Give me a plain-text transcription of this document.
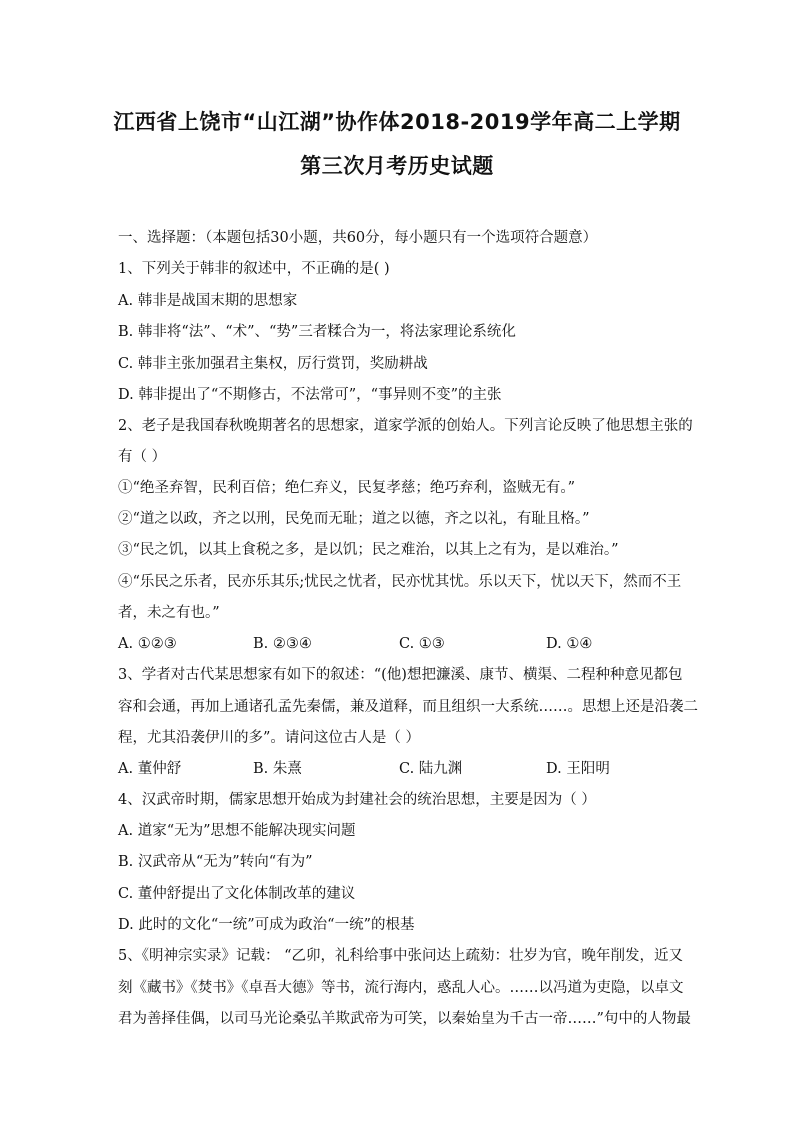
江西省上饶市“山江湖”协作体2018-2019学年高二上学期
第三次月考历史试题
一、选择题：（本题包括30小题，共60分，每小题只有一个选项符合题意）
1、下列关于韩非的叙述中，不正确的是( )
A. 韩非是战国末期的思想家
B. 韩非将“法”、“术”、“势”三者糅合为一，将法家理论系统化
C. 韩非主张加强君主集权，厉行赏罚，奖励耕战
D. 韩非提出了“不期修古，不法常可”，“事异则不变”的主张
2、老子是我国春秋晚期著名的思想家，道家学派的创始人。下列言论反映了他思想主张的
有（ ）
①“绝圣弃智，民利百倍；绝仁弃义，民复孝慈；绝巧弃利，盗贼无有。”
②“道之以政，齐之以刑，民免而无耻；道之以德，齐之以礼，有耻且格。”
③“民之饥，以其上食税之多，是以饥；民之难治，以其上之有为，是以难治。”
④“乐民之乐者，民亦乐其乐;忧民之忧者，民亦忧其忧。乐以天下，忧以天下，然而不王
者，未之有也。”
A. ①②③	B. ②③④	C. ①③	D. ①④
3、学者对古代某思想家有如下的叙述：“(他)想把濂溪、康节、横渠、二程种种意见都包
容和会通，再加上通诸孔孟先秦儒，兼及道释，而且组织一大系统……。思想上还是沿袭二
程，尤其沿袭伊川的多”。请问这位古人是（ ）
A. 董仲舒	B. 朱熹	C. 陆九渊	D. 王阳明
4、汉武帝时期，儒家思想开始成为封建社会的统治思想，主要是因为（ ）
A. 道家“无为”思想不能解决现实问题
B. 汉武帝从“无为”转向“有为”
C. 董仲舒提出了文化体制改革的建议
D. 此时的文化“一统”可成为政治“一统”的根基
5、《明神宗实录》记载： “乙卯，礼科给事中张问达上疏劾：壮岁为官，晚年削发，近又
刻《藏书》《焚书》《卓吾大德》等书，流行海内，惑乱人心。……以冯道为吏隐，以卓文
君为善择佳偶，以司马光论桑弘羊欺武帝为可笑，以秦始皇为千古一帝……”句中的人物最
